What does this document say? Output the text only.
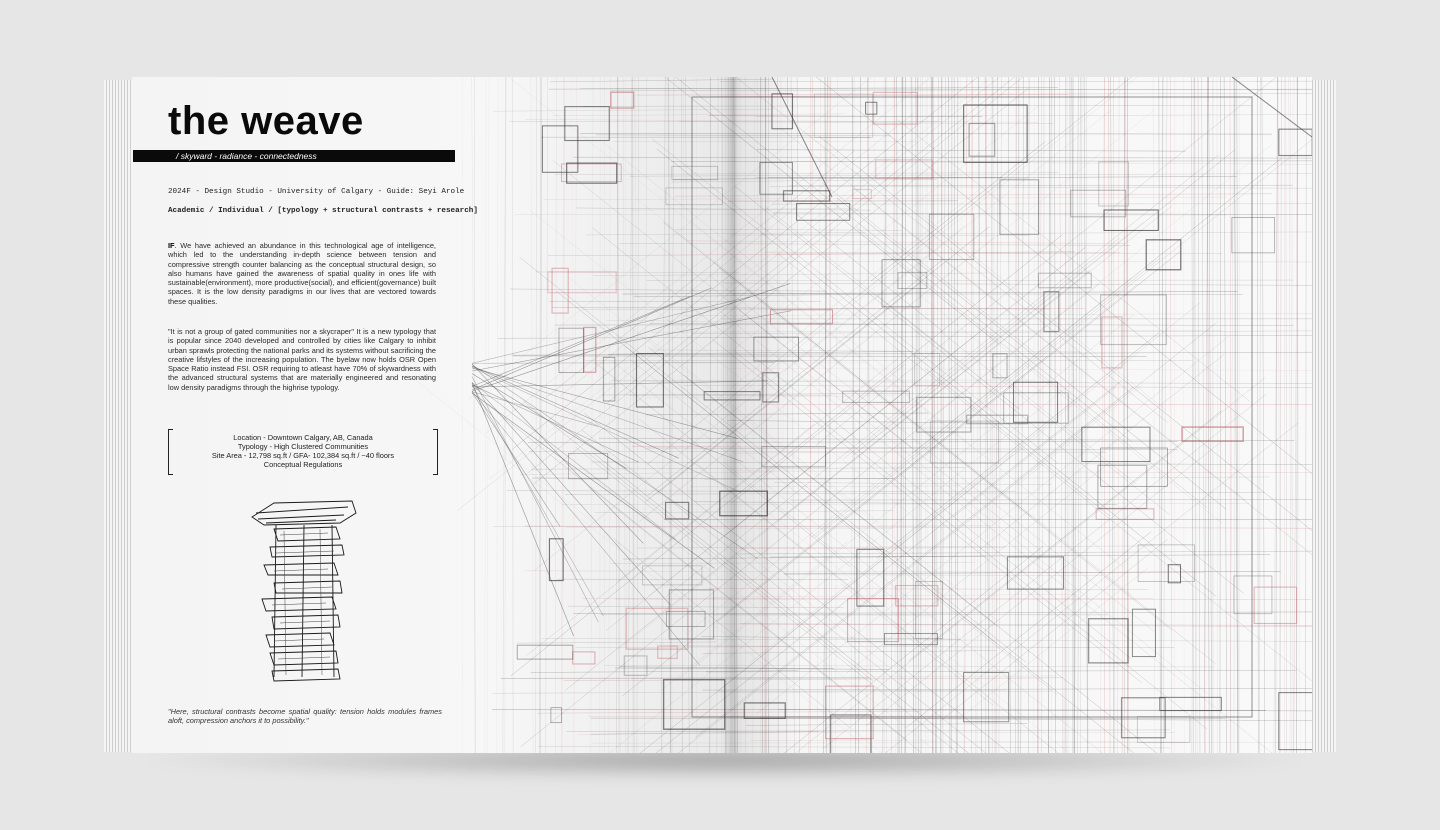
the weave
/ skyward - radiance - connectedness
2024F - Design Studio - University of Calgary - Guide: Seyi Arole
Academic / Individual / [typology + structural contrasts + research]
IF. We have achieved an abundance in this technological age of intelligence, which led to the understanding in-depth science between tension and compressive strength counter balancing as the conceptual structural design, so also humans have gained the awareness of spatial quality in ones life with sustainable(environment), more productive(social), and efficient(governance) built spaces. It is the low density paradigms in our lives that are vectored towards these qualities.
"It is not a group of gated communities nor a skycraper" It is a new typology that is popular since 2040 developed and controlled by cities like Calgary to inhibit urban sprawls protecting the national parks and its systems without sacrificing the creative lifstyles of the increasing population. The byelaw now holds OSR Open Space Ratio instead FSI. OSR requiring to atleast have 70% of skywardness with the advanced structural systems that are materially engineered and resonating low density paradigms through the highrise typology.
Location - Downtown Calgary, AB, Canada
Typology - High Clustered Communities
Site Area - 12,798 sq.ft / GFA- 102,384 sq.ft / ~40 floors
Conceptual Regulations
"Here, structural contrasts become spatial quality: tension holds modules frames aloft, compression anchors it to possibility."
